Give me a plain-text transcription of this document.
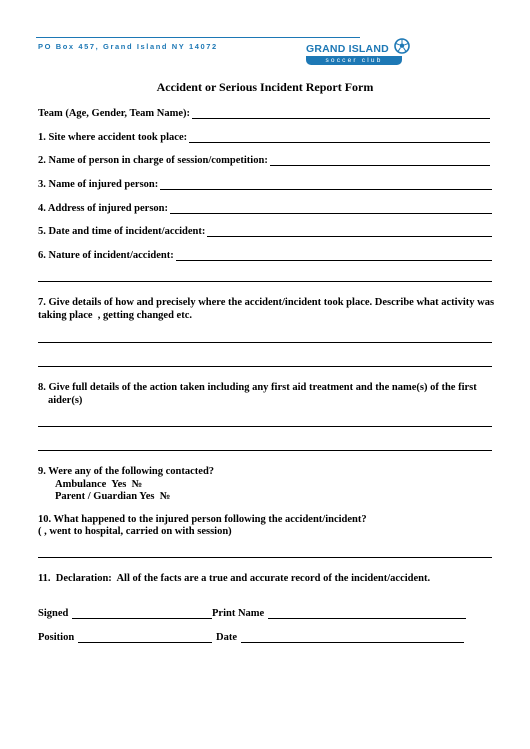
PO Box 457, Grand Island NY 14072	GRAND ISLAND
soccer club
Accident or Serious Incident Report Form
Team (Age, Gender, Team Name):
1. Site where accident took place:
2. Name of person in charge of session/competition:
3. Name of injured person:
4. Address of injured person:
5. Date and time of incident/accident:
6. Nature of incident/accident:
7. Give details of how and precisely where the accident/incident took place. Describe what activity was
taking place  , getting changed etc.
8. Give full details of the action taken including any first aid treatment and the name(s) of the first
aider(s)
9. Were any of the following contacted?
Ambulance  Yes  №
Parent / Guardian Yes  №
10. What happened to the injured person following the accident/incident?
( , went to hospital, carried on with session)
11.  Declaration:  All of the facts are a true and accurate record of the incident/accident.
Signed	Print Name
Position	Date
